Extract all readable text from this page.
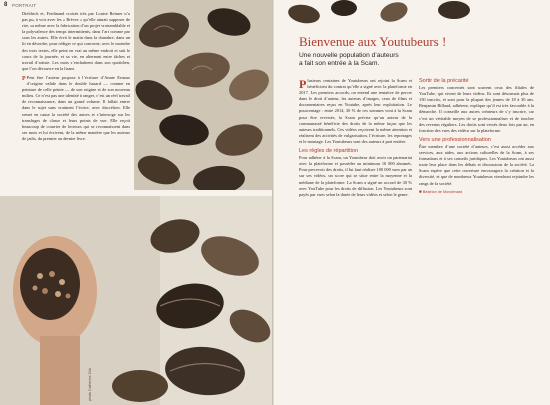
8 PORTRAIT

Dieldrick et, Ferdinand croisés très par Louise Reimer n’a pas pu, à voir avec les « Brèves » qu’elle aimait supposer de rire, sa même avec la fabrication d’un projet vraisemblable et la polyvalence des temps intermittents, dans l’art comme par sous les autres. Elle écrit le matin dans la chambre, dans un lit en désordre, pour rédiger ce qui concerne, avec le moindre des trois textes, elle peint en vrai au même endroit et suit le cours de la journée, et sa vie, en alternant entre tâches et travail d’artiste. Les mots s’enchaînent dans son quotidien, que l’on découvre en la lisant.

P Peut être l’auteur propose à l’écriture d’Annie Ernaux d’origine valide dans le double hasard — comme en peinture de celle peinte — de son origine et de son nouveau milieu. Ce n’est pas une identité à ranger, c’est un réel travail de reconnaissance, dans un grand volume. Il fallait entrer dans le sujet sans vraiment l’écrire, avec discrétion. Elle remet en cause la société des autres et s’interroge sur les transfuges de classe et leurs points de vue. Elle reçoit beaucoup de courrier de lecteurs qui se reconnaissent dans ses mots et lui écrivent, de la même manière que les auteurs de jadis, du premier au dernier livre.

photo Catherine Zick
Bienvenue aux Youtubeurs !
Une nouvelle population d’auteurs
a fait son entrée à la Scam.

Plusieurs centaines de Youtubeurs ont rejoint la Scam et bénéficient du contrat qu’elle a signé avec la plateforme en 2017. Les premiers accords, on entend une tentative de percer dans le droit d’auteur, les auteurs d’images, ceux de films et documentaires reçus en Youtube, après leur exploitation. Le pourcentage : entre 2014, 30 % de ces sommes vont à la Scam pour être reversés, la Scam précise qu’un auteur de la communauté bénéficie des droits de la même façon que les auteurs traditionnels. Ces vidéos reçoivent la même attention et réalisent des activités de vulgarisation, l’écriture, les reportages et le montage. Les Youtubeurs sont des auteurs à part entière.

Les règles de répartition

Pour adhérer à la Scam, un Youtubeur doit avoir un partenariat avec la plateforme et posséder au minimum 10 000 abonnés. Pour percevoir des droits, il lui faut réaliser 100 000 vues par an sur ses vidéos, un score qui se situe entre la moyenne et la médiane de la plateforme. La Scam a signé un accord de 30 % avec YouTube pour les droits de diffusion. Les Youtubeurs sont payés par vues selon la durée de leurs vidéos et selon le genre.

Sortir de la précarité

Les premiers concernés sont souvent ceux des filiales de YouTube, qui vivent de leurs vidéos. Ils sont désormais plus de 150 inscrits, et sont pour la plupart des jeunes de 18 à 30 ans. Benjamin Billaud, adhérent, explique qu’il est très favorable à la démarche. Il conseille aux autres créateurs de s’y inscrire, car c’est un véritable moyen de se professionnaliser et de toucher des revenus réguliers. Les droits sont versés deux fois par an, en fonction des vues des vidéos sur la plateforme.

Vers une professionnalisation

Être membre d’une société d’auteurs, c’est aussi accéder aux services, aux aides, aux actions culturelles de la Scam, à ses formations et à ses conseils juridiques. Les Youtubeurs ont aussi toute leur place dans les débats et discussions de la société. La Scam espère que cette ouverture encouragera la création et la diversité, et que de nombreux Youtubeurs viendront rejoindre les rangs de la société.

■ Béatrice de Mondenard
